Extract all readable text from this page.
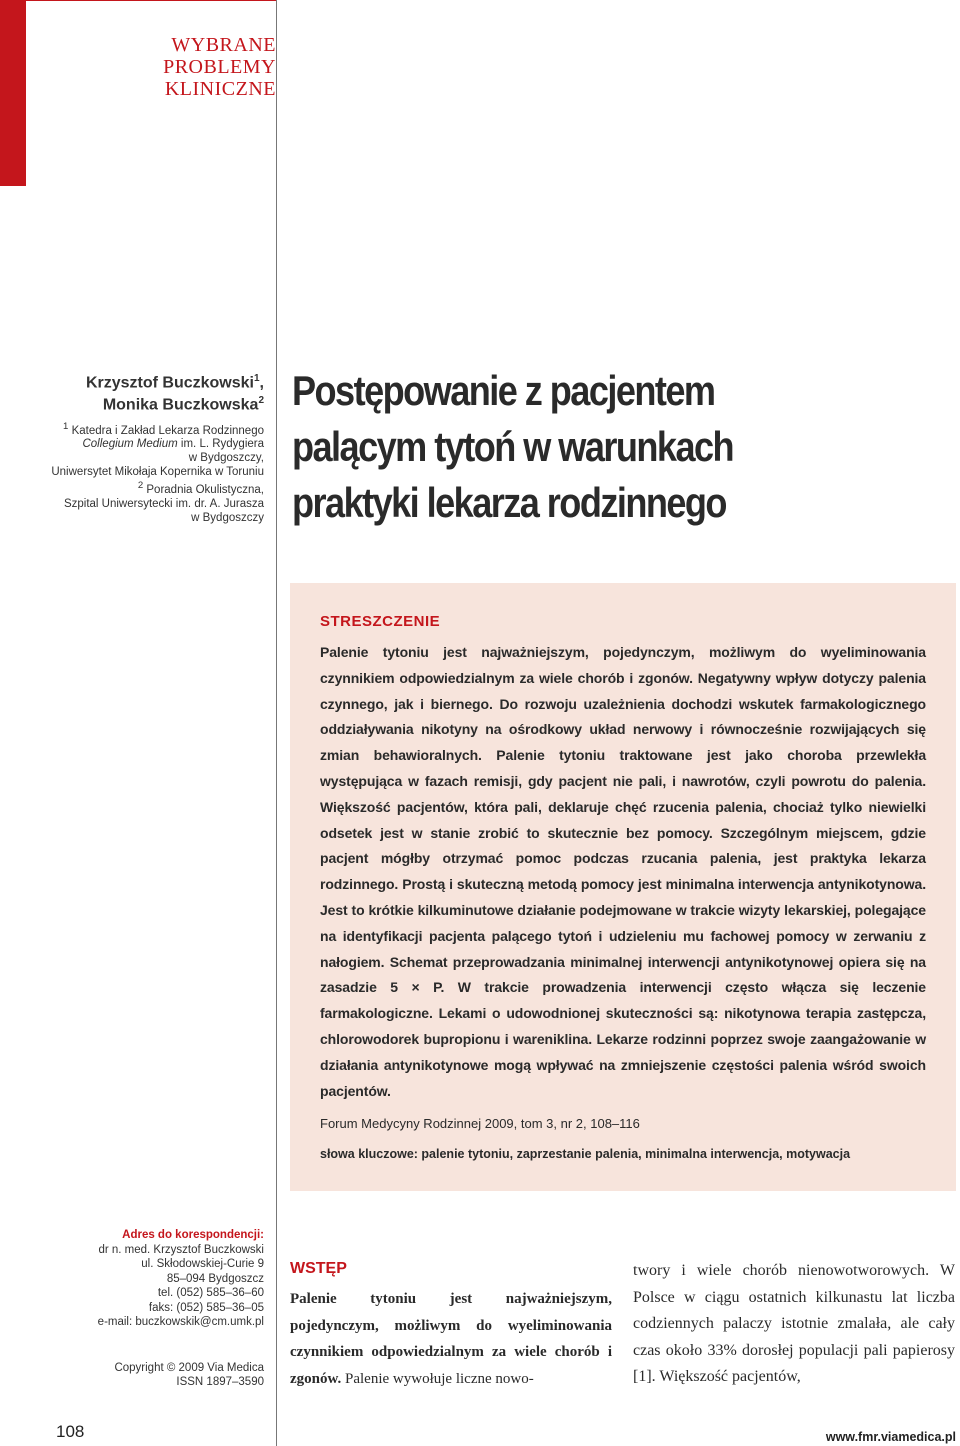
WYBRANE
PROBLEMY
KLINICZNE

Krzysztof Buczkowski$^1$,

Monika Buczkowska$^2$

$^1$ Katedra i Zakład Lekarza Rodzinnego

Collegium Medium im. L. Rydygiera

w Bydgoszczy,

Uniwersytet Mikołaja Kopernika w Toruniu

$^2$ Poradnia Okulistyczna,

Szpital Uniwersytecki im. dr. A. Jurasza

w Bydgoszczy

Postępowanie z pacjentem palącym tytoń w warunkach praktyki lekarza rodzinnego

STRESZCZENIE

Palenie tytoniu jest najważniejszym, pojedynczym, możliwym do wyeliminowania czynnikiem odpowiedzialnym za wiele chorób i zgonów. Negatywny wpływ dotyczy palenia czynnego, jak i biernego. Do rozwoju uzależnienia dochodzi wskutek farmakologicznego oddziaływania nikotyny na ośrodkowy układ nerwowy i równocześnie rozwijających się zmian behawioralnych. Palenie tytoniu traktowane jest jako choroba przewlekła występująca w fazach remisji, gdy pacjent nie pali, i nawrotów, czyli powrotu do palenia. Większość pacjentów, która pali, deklaruje chęć rzucenia palenia, chociaż tylko niewielki odsetek jest w stanie zrobić to skutecznie bez pomocy. Szczególnym miejscem, gdzie pacjent mógłby otrzymać pomoc podczas rzucania palenia, jest praktyka lekarza rodzinnego. Prostą i skuteczną metodą pomocy jest minimalna interwencja antynikotynowa. Jest to krótkie kilkuminutowe działanie podejmowane w trakcie wizyty lekarskiej, polegające na identyfikacji pacjenta palącego tytoń i udzieleniu mu fachowej pomocy w zerwaniu z nałogiem. Schemat przeprowadzania minimalnej interwencji antynikotynowej opiera się na zasadzie 5 × P. W trakcie prowadzenia interwencji często włącza się leczenie farmakologiczne. Lekami o udowodnionej skuteczności są: nikotynowa terapia zastępcza, chlorowodorek bupropionu i wareniklina. Lekarze rodzinni poprzez swoje zaangażowanie w działania antynikotynowe mogą wpływać na zmniejszenie częstości palenia wśród swoich pacjentów.

Forum Medycyny Rodzinnej 2009, tom 3, nr 2, 108–116

słowa kluczowe: palenie tytoniu, zaprzestanie palenia, minimalna interwencja, motywacja

Adres do korespondencji:

dr n. med. Krzysztof Buczkowski

ul. Skłodowskiej-Curie 9

85–094 Bydgoszcz

tel. (052) 585–36–60

faks: (052) 585–36–05

e-mail: buczkowskik@cm.umk.pl

Copyright © 2009 Via Medica

ISSN 1897–3590

WSTĘP

Palenie tytoniu jest najważniejszym, pojedynczym, możliwym do wyeliminowania czynnikiem odpowiedzialnym za wiele chorób i zgonów. Palenie wywołuje liczne nowo-

twory i wiele chorób nienowotworowych. W Polsce w ciągu ostatnich kilkunastu lat liczba codziennych palaczy istotnie zmalała, ale cały czas około 33% dorosłej populacji pali papierosy [1]. Większość pacjentów,

108	www.fmr.viamedica.pl
